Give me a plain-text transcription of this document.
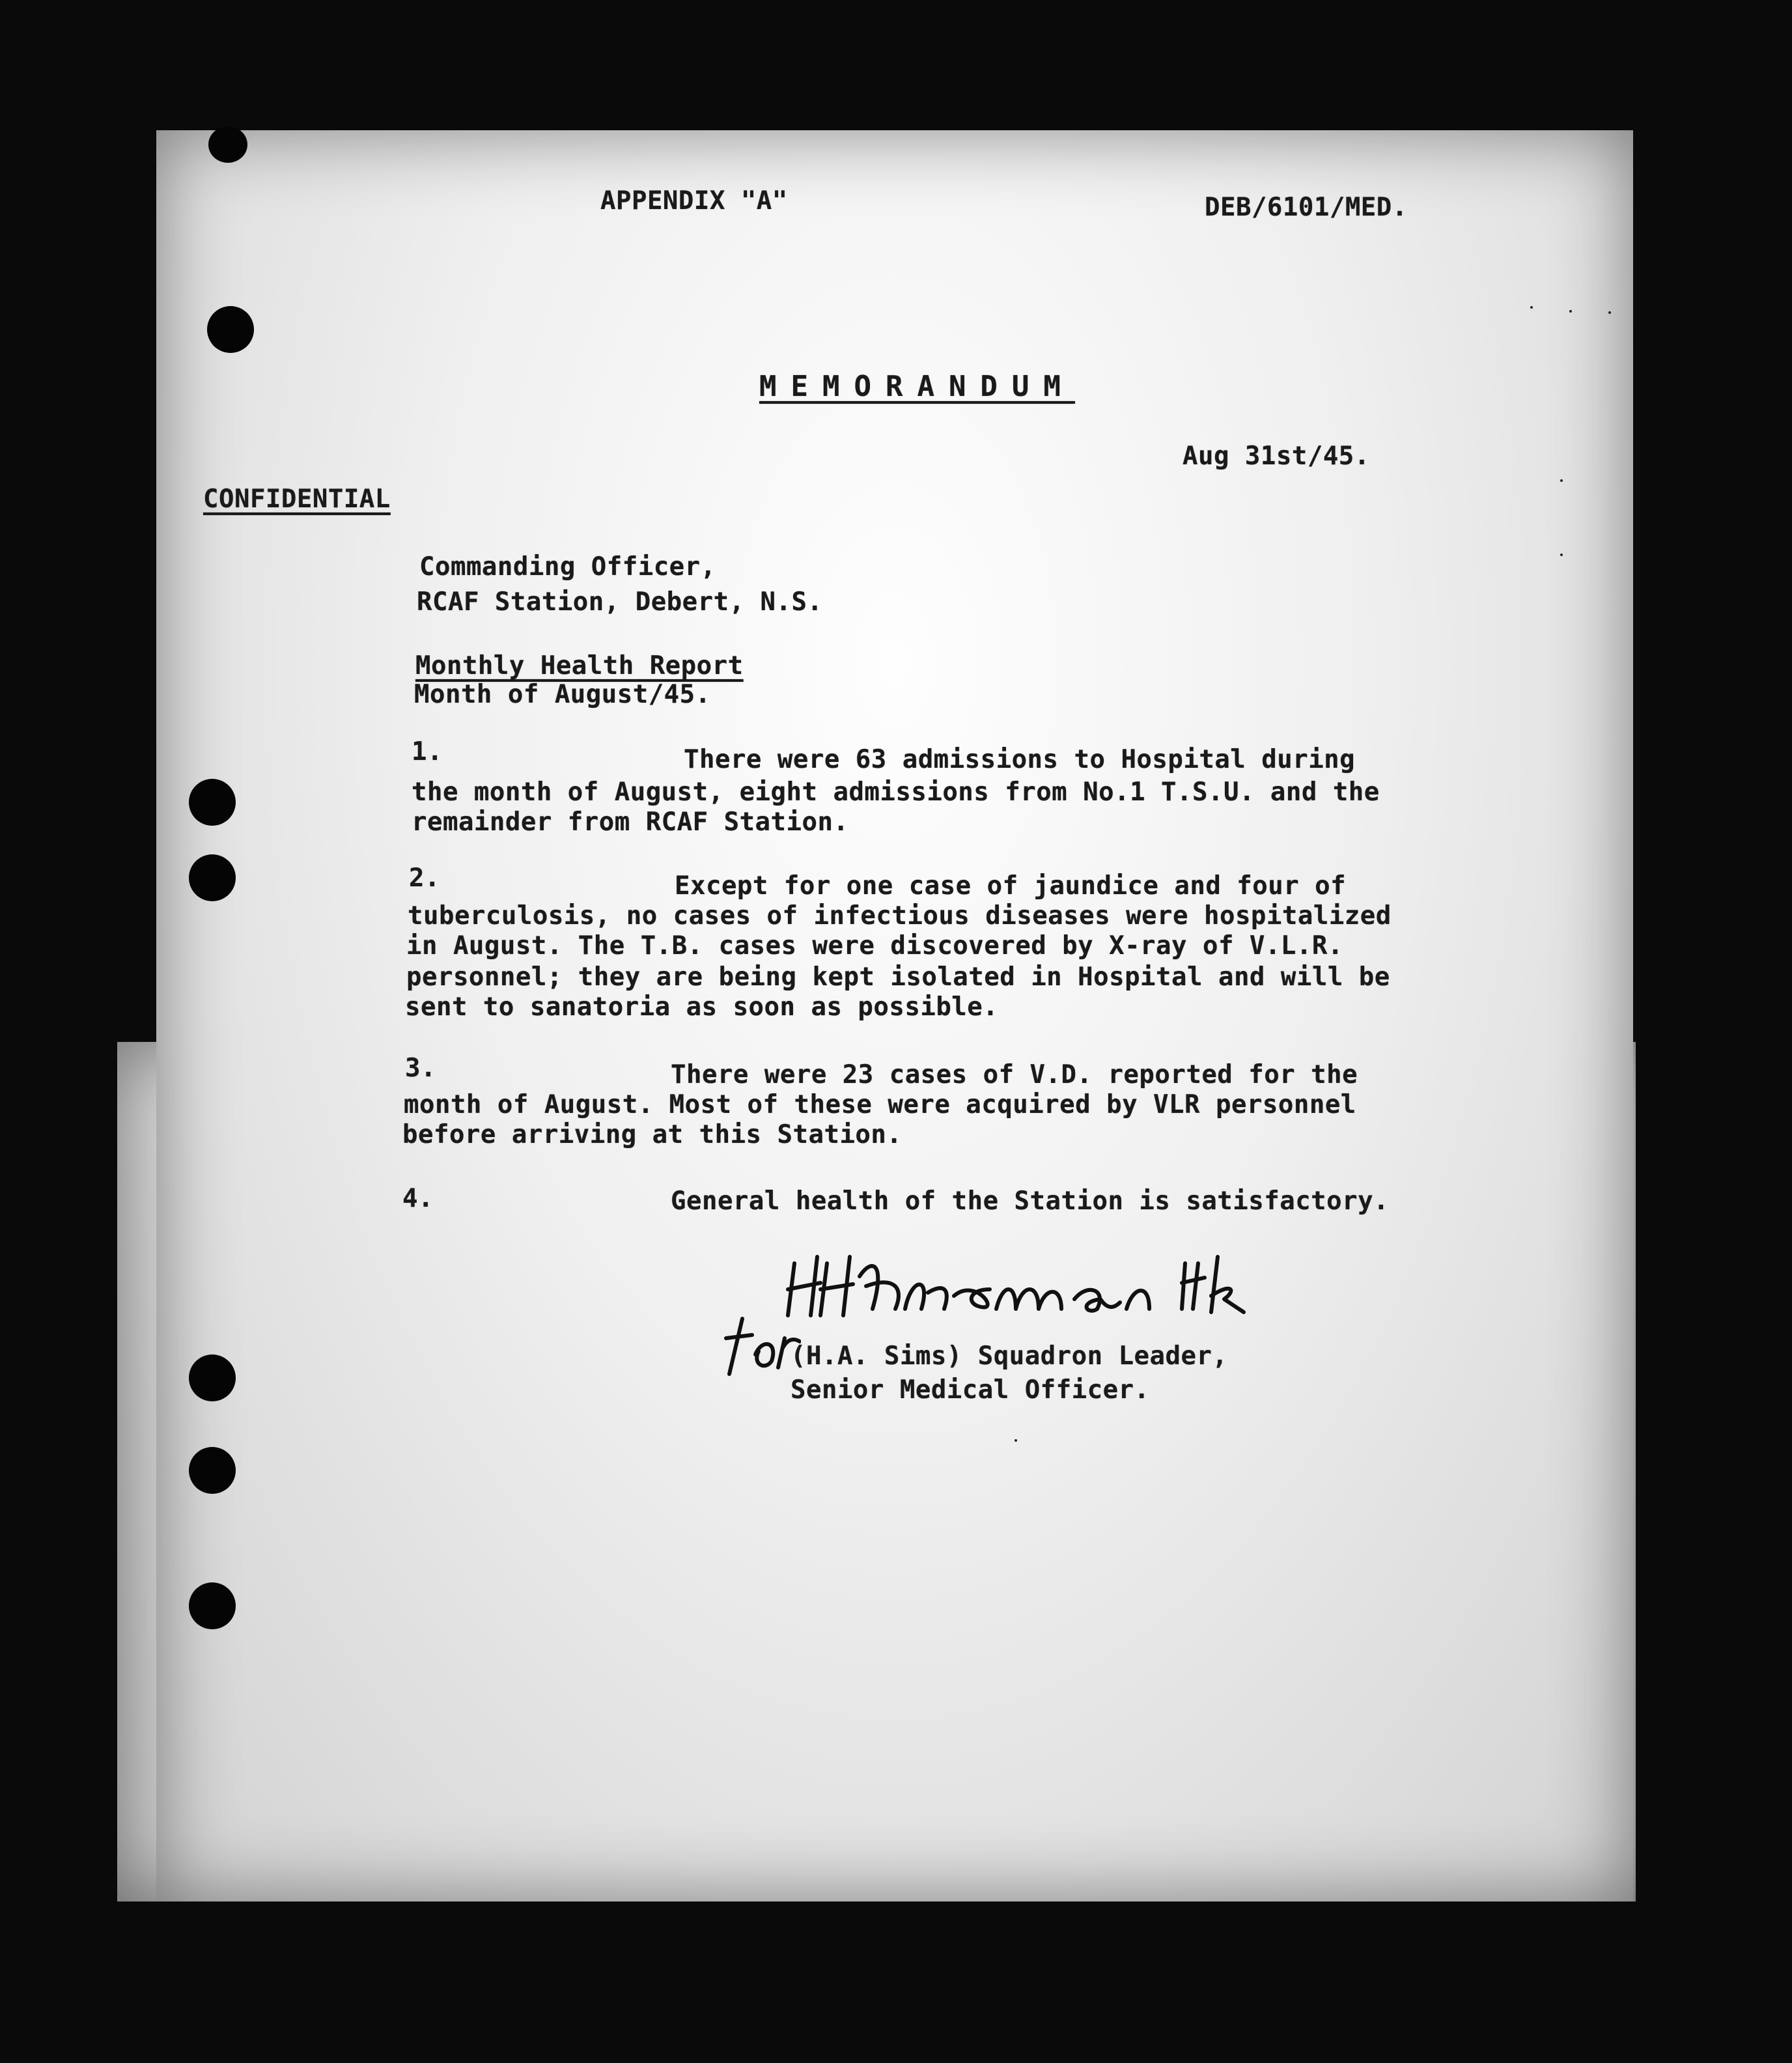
APPENDIX "A"	DEB/6101/MED.
MEMORANDUM
Aug 31st/45.
CONFIDENTIAL
Commanding Officer,
RCAF Station, Debert, N.S.
Monthly Health Report
Month of August/45.
1.	There were 63 admissions to Hospital during
the month of August, eight admissions from No.1 T.S.U. and the
remainder from RCAF Station.
2.	Except for one case of jaundice and four of
tuberculosis, no cases of infectious diseases were hospitalized
in August. The T.B. cases were discovered by X-ray of V.L.R.
personnel; they are being kept isolated in Hospital and will be
sent to sanatoria as soon as possible.
3.	There were 23 cases of V.D. reported for the
month of August. Most of these were acquired by VLR personnel
before arriving at this Station.
4.	General health of the Station is satisfactory.
(H.A. Sims) Squadron Leader,
Senior Medical Officer.
